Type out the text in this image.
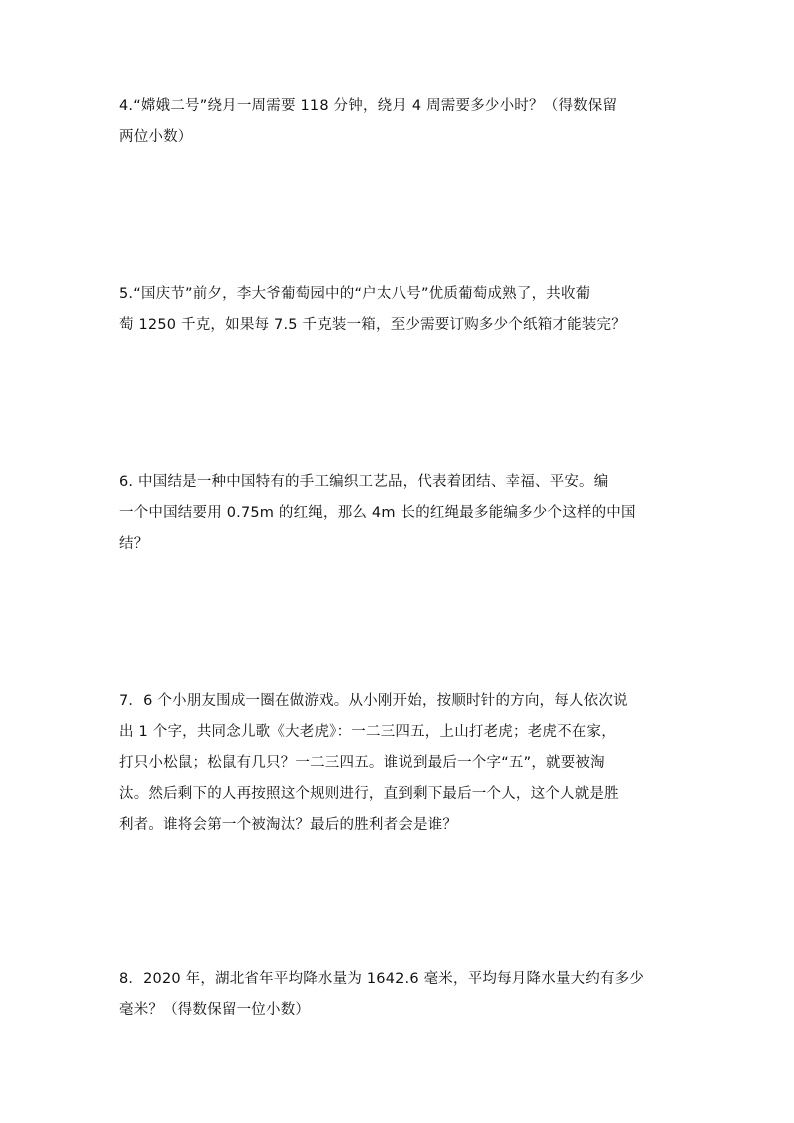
4.“嫦娥二号”绕月一周需要 118 分钟，绕月 4 周需要多少小时？（得数保留
两位小数）
5.“国庆节”前夕，李大爷葡萄园中的“户太八号”优质葡萄成熟了，共收葡
萄 1250 千克，如果每 7.5 千克装一箱，至少需要订购多少个纸箱才能装完？
6. 中国结是一种中国特有的手工编织工艺品，代表着团结、幸福、平安。编
一个中国结要用 0.75m 的红绳，那么 4m 长的红绳最多能编多少个这样的中国
结？
7．6 个小朋友围成一圈在做游戏。从小刚开始，按顺时针的方向，每人依次说
出 1 个字，共同念儿歌《大老虎》：一二三四五，上山打老虎；老虎不在家，
打只小松鼠；松鼠有几只？一二三四五。谁说到最后一个字“五”，就要被淘
汰。然后剩下的人再按照这个规则进行，直到剩下最后一个人，这个人就是胜
利者。谁将会第一个被淘汰？最后的胜利者会是谁？
8．2020 年，湖北省年平均降水量为 1642.6 毫米，平均每月降水量大约有多少
毫米？（得数保留一位小数）
